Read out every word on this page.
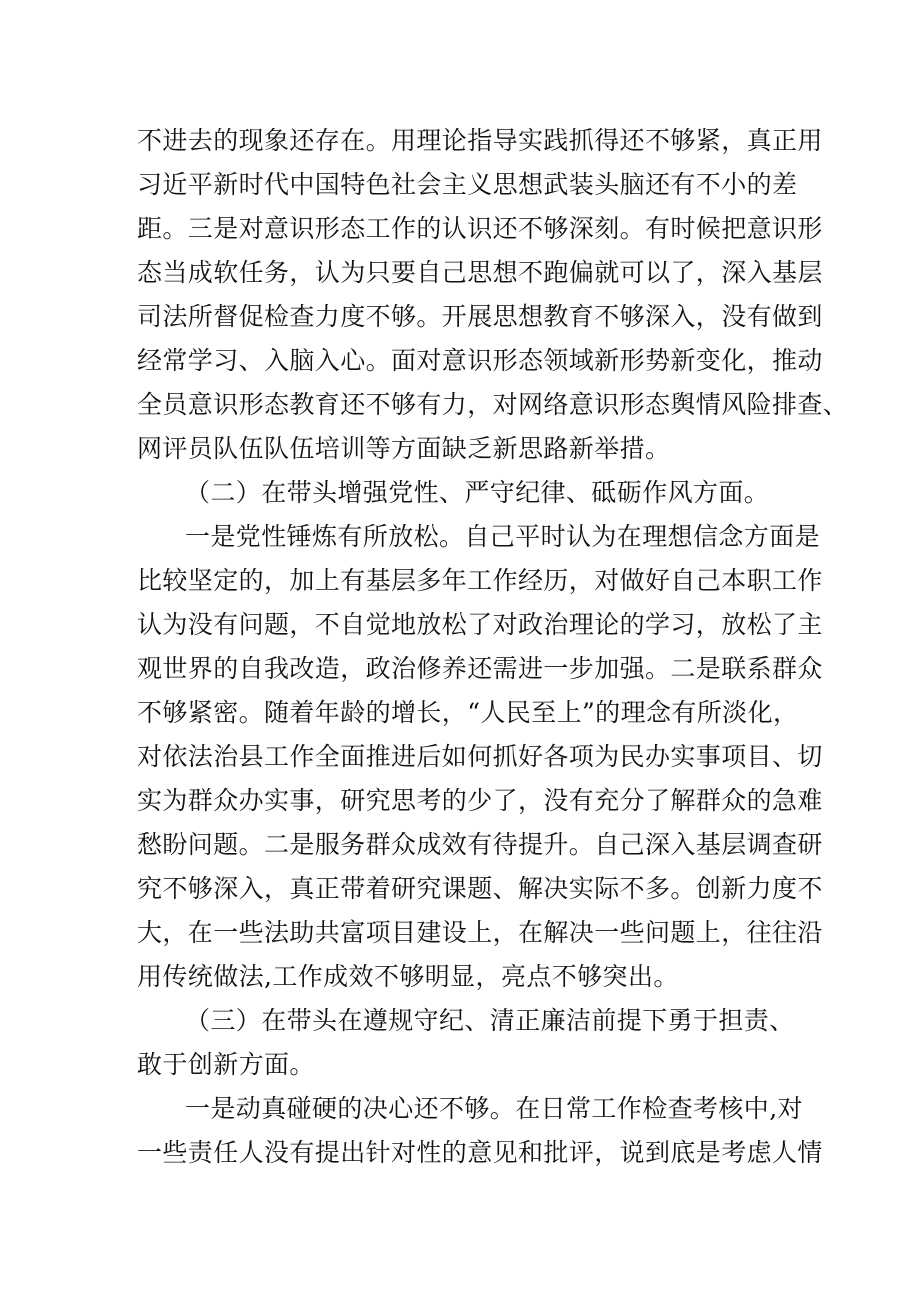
不进去的现象还存在。用理论指导实践抓得还不够紧，真正用
习近平新时代中国特色社会主义思想武装头脑还有不小的差
距。三是对意识形态工作的认识还不够深刻。有时候把意识形
态当成软任务，认为只要自己思想不跑偏就可以了，深入基层
司法所督促检查力度不够。开展思想教育不够深入，没有做到
经常学习、入脑入心。面对意识形态领域新形势新变化，推动
全员意识形态教育还不够有力，对网络意识形态舆情风险排查、
网评员队伍队伍培训等方面缺乏新思路新举措。
（二）在带头增强党性、严守纪律、砥砺作风方面。
一是党性锤炼有所放松。自己平时认为在理想信念方面是
比较坚定的，加上有基层多年工作经历，对做好自己本职工作
认为没有问题，不自觉地放松了对政治理论的学习，放松了主
观世界的自我改造，政治修养还需进一步加强。二是联系群众
不够紧密。随着年龄的增长，“人民至上”的理念有所淡化，
对依法治县工作全面推进后如何抓好各项为民办实事项目、切
实为群众办实事，研究思考的少了，没有充分了解群众的急难
愁盼问题。二是服务群众成效有待提升。自己深入基层调查研
究不够深入，真正带着研究课题、解决实际不多。创新力度不
大，在一些法助共富项目建设上，在解决一些问题上，往往沿
用传统做法,工作成效不够明显，亮点不够突出。
（三）在带头在遵规守纪、清正廉洁前提下勇于担责、
敢于创新方面。
一是动真碰硬的决心还不够。在日常工作检查考核中,对
一些责任人没有提出针对性的意见和批评，说到底是考虑人情
